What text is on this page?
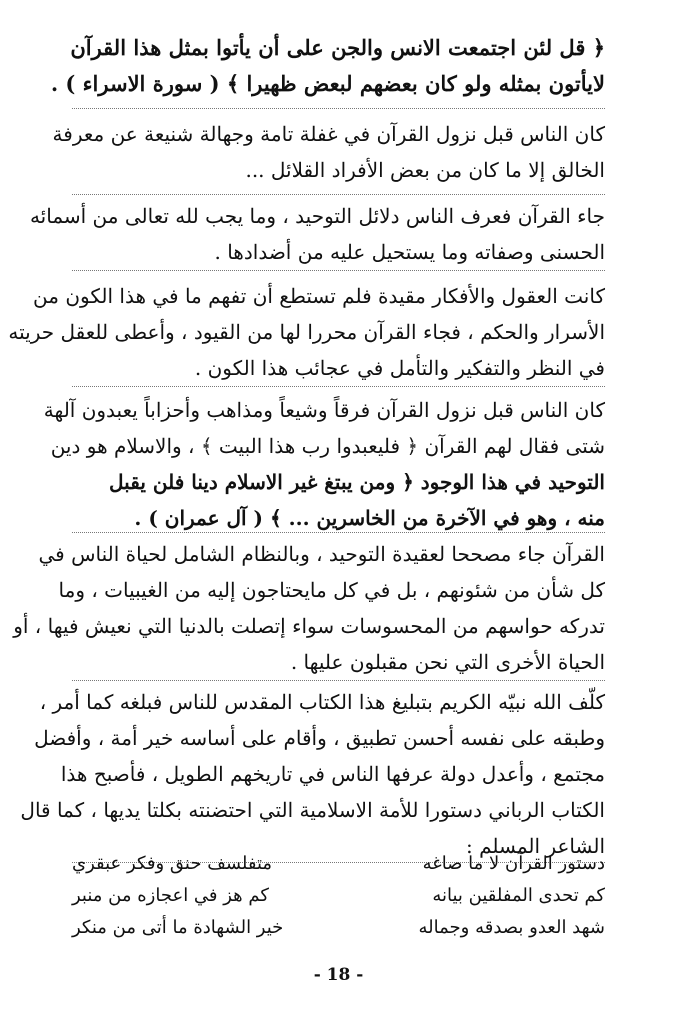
﴿ قل لئن اجتمعت الانس والجن على أن يأتوا بمثل هذا القرآن
لايأتون بمثله ولو كان بعضهم لبعض ظهيرا ﴾ ( سورة الاسراء ) .
كان الناس قبل نزول القرآن في غفلة تامة وجهالة شنيعة عن معرفة
الخالق إلا ما كان من بعض الأفراد القلائل ...
جاء القرآن فعرف الناس دلائل التوحيد ، وما يجب لله تعالى من أسمائه
الحسنى وصفاته وما يستحيل عليه من أضدادها .
كانت العقول والأفكار مقيدة فلم تستطع أن تفهم ما في هذا الكون من
الأسرار والحكم ، فجاء القرآن محررا لها من القيود ، وأعطى للعقل حريته
في النظر والتفكير والتأمل في عجائب هذا الكون .
كان الناس قبل نزول القرآن فرقاً وشيعاً ومذاهب وأحزاباً يعبدون آلهة
شتى فقال لهم القرآن ﴿ فليعبدوا رب هذا البيت ﴾ ، والاسلام هو دين
التوحيد في هذا الوجود ﴿ ومن يبتغ غير الاسلام دينا فلن يقبل
منه ، وهو في الآخرة من الخاسرين ... ﴾ ( آل عمران ) .
القرآن جاء مصححا لعقيدة التوحيد ، وبالنظام الشامل لحياة الناس في
كل شأن من شئونهم ، بل في كل مايحتاجون إليه من الغيبيات ، وما
تدركه حواسهم من المحسوسات سواء إتصلت بالدنيا التي نعيش فيها ، أو
الحياة الأخرى التي نحن مقبلون عليها .
كلّف الله نبيّه الكريم بتبليغ هذا الكتاب المقدس للناس فبلغه كما أمر ،
وطبقه على نفسه أحسن تطبيق ، وأقام على أساسه خير أمة ، وأفضل
مجتمع ، وأعدل دولة عرفها الناس في تاريخهم الطويل ، فأصبح هذا
الكتاب الرباني دستورا للأمة الاسلامية التي احتضنته بكلتا يديها ، كما قال
الشاعر المسلم :
دستور القرآن لا ما صاغه
متفلسف حنق وفكر عبقري
كم تحدى المفلقين بيانه
كم هز في اعجازه من منبر
شهد العدو بصدقه وجماله
خير الشهادة ما أتى من منكر
- 18 -
